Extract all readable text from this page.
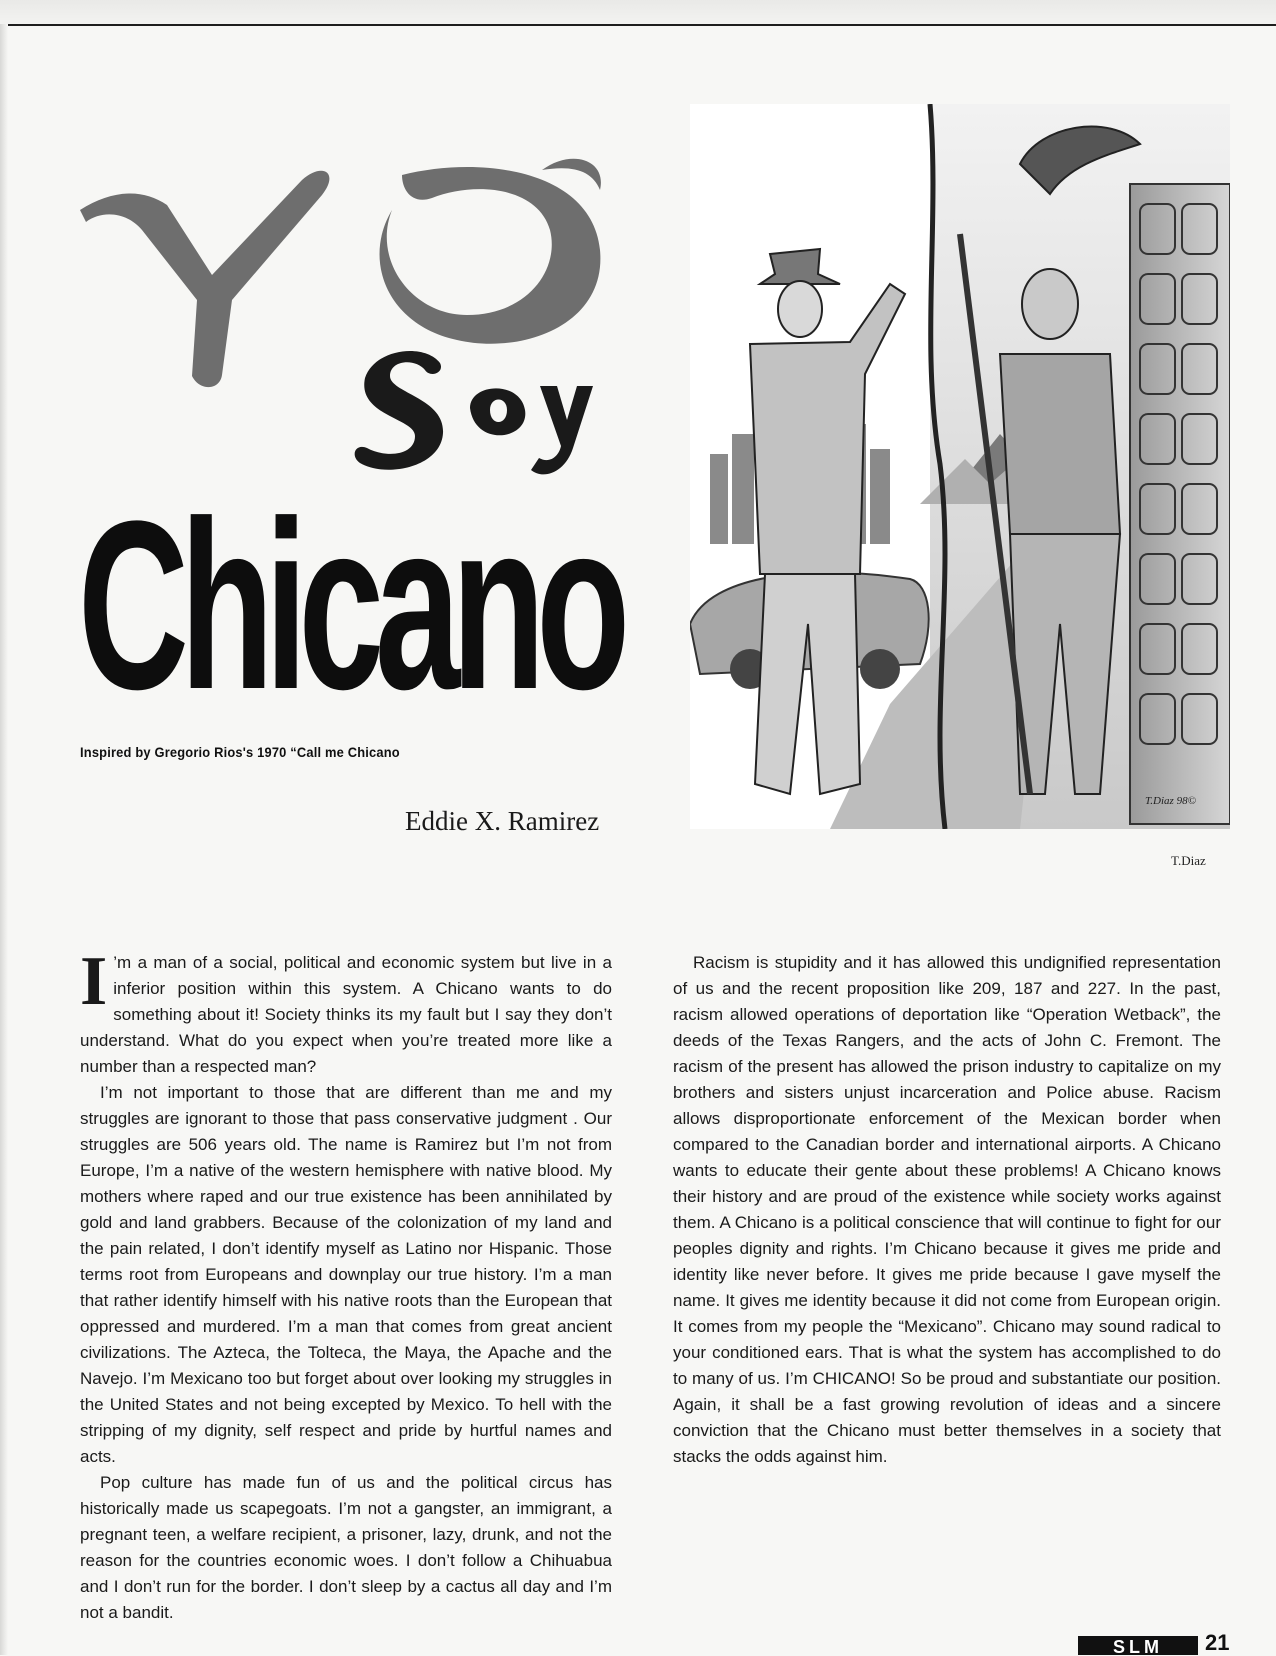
Chicano
Inspired by Gregorio Rios's 1970 “Call me Chicano
Eddie X. Ramirez
T.Diaz 98©
T.Diaz

I ’m a man of a social, political and economic system but live in a inferior position within this system. A Chicano wants to do something about it! Society thinks its my fault but I say they don’t understand. What do you expect when you’re treated more like a number than a respected man?

I’m not important to those that are different than me and my struggles are ignorant to those that pass conservative judgment . Our struggles are 506 years old. The name is Ramirez but I’m not from Europe, I’m a native of the western hemisphere with native blood. My mothers where raped and our true existence has been annihilated by gold and land grabbers. Because of the colonization of my land and the pain related, I don’t identify myself as Latino nor Hispanic. Those terms root from Europeans and downplay our true history. I’m a man that rather identify himself with his native roots than the European that oppressed and murdered. I’m a man that comes from great ancient civilizations. The Azteca, the Tolteca, the Maya, the Apache and the Navejo. I’m Mexicano too but forget about over looking my struggles in the United States and not being excepted by Mexico. To hell with the stripping of my dignity, self respect and pride by hurtful names and acts.

Pop culture has made fun of us and the political circus has historically made us scapegoats. I’m not a gangster, an immigrant, a pregnant teen, a welfare recipient, a prisoner, lazy, drunk, and not the reason for the countries economic woes. I don’t follow a Chihuabua and I don’t run for the border. I don’t sleep by a cactus all day and I’m not a bandit.

Racism is stupidity and it has allowed this undignified representation of us and the recent proposition like 209, 187 and 227. In the past, racism allowed operations of deportation like “Operation Wetback”, the deeds of the Texas Rangers, and the acts of John C. Fremont. The racism of the present has allowed the prison industry to capitalize on my brothers and sisters unjust incarceration and Police abuse. Racism allows disproportionate enforcement of the Mexican border when compared to the Canadian border and international airports. A Chicano wants to educate their gente about these problems! A Chicano knows their history and are proud of the existence while society works against them. A Chicano is a political conscience that will continue to fight for our peoples dignity and rights. I’m Chicano because it gives me pride and identity like never before. It gives me pride because I gave myself the name. It gives me identity because it did not come from European origin. It comes from my people the “Mexicano”. Chicano may sound radical to your conditioned ears. That is what the system has accomplished to do to many of us. I’m CHICANO! So be proud and substantiate our position. Again, it shall be a fast growing revolution of ideas and a sincere conviction that the Chicano must better themselves in a society that stacks the odds against him.

SLM	21
